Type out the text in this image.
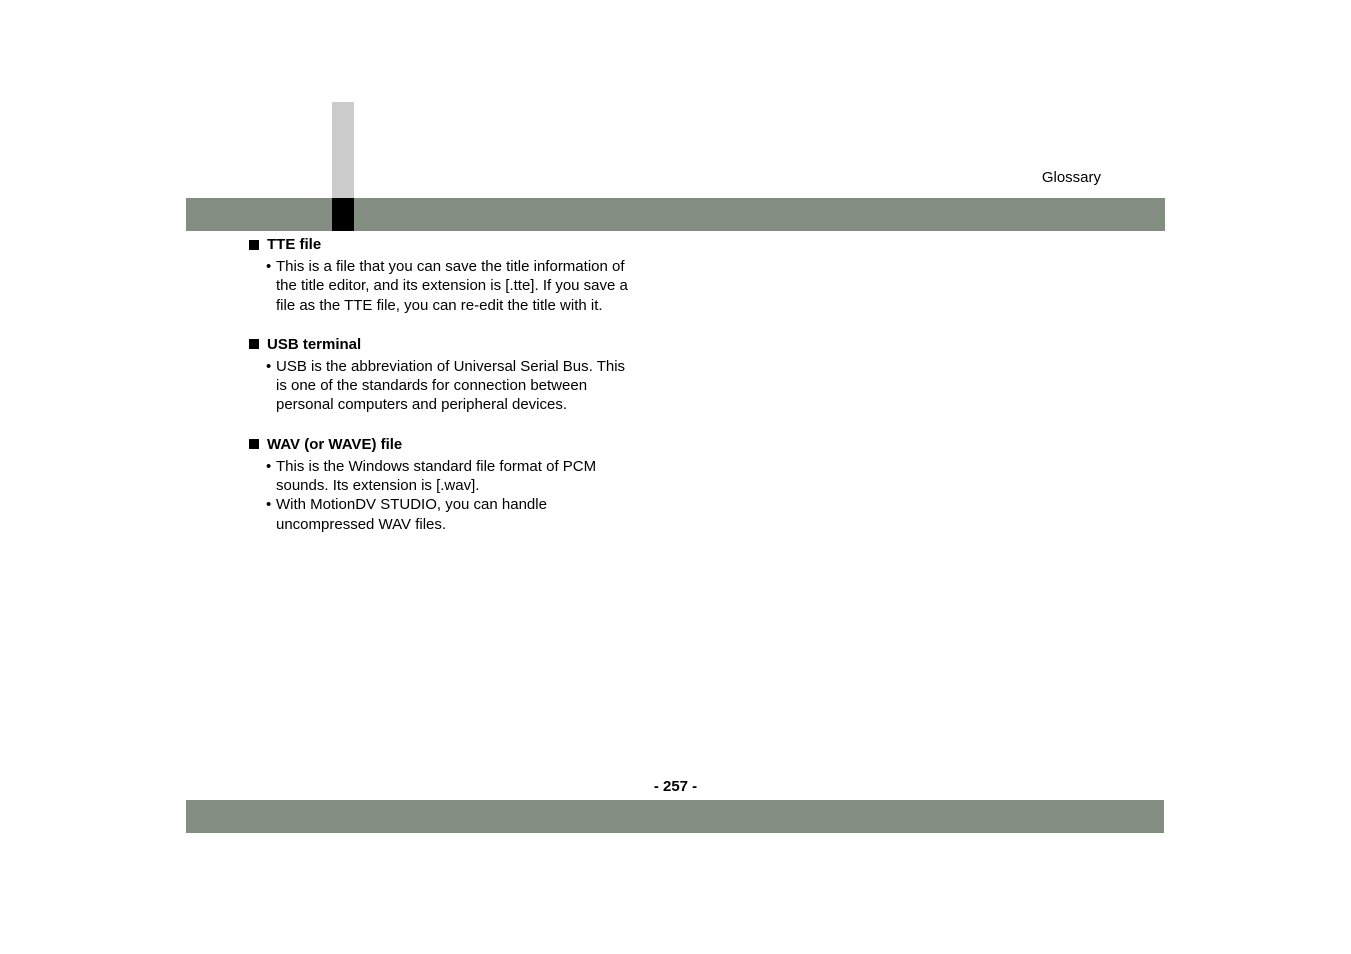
Glossary
TTE file
• This is a file that you can save the title information of
the title editor, and its extension is [.tte]. If you save a
file as the TTE file, you can re-edit the title with it.
USB terminal
• USB is the abbreviation of Universal Serial Bus. This
is one of the standards for connection between
personal computers and peripheral devices.
WAV (or WAVE) file
• This is the Windows standard file format of PCM
sounds. Its extension is [.wav].
• With MotionDV STUDIO, you can handle
uncompressed WAV files.
- 257 -
